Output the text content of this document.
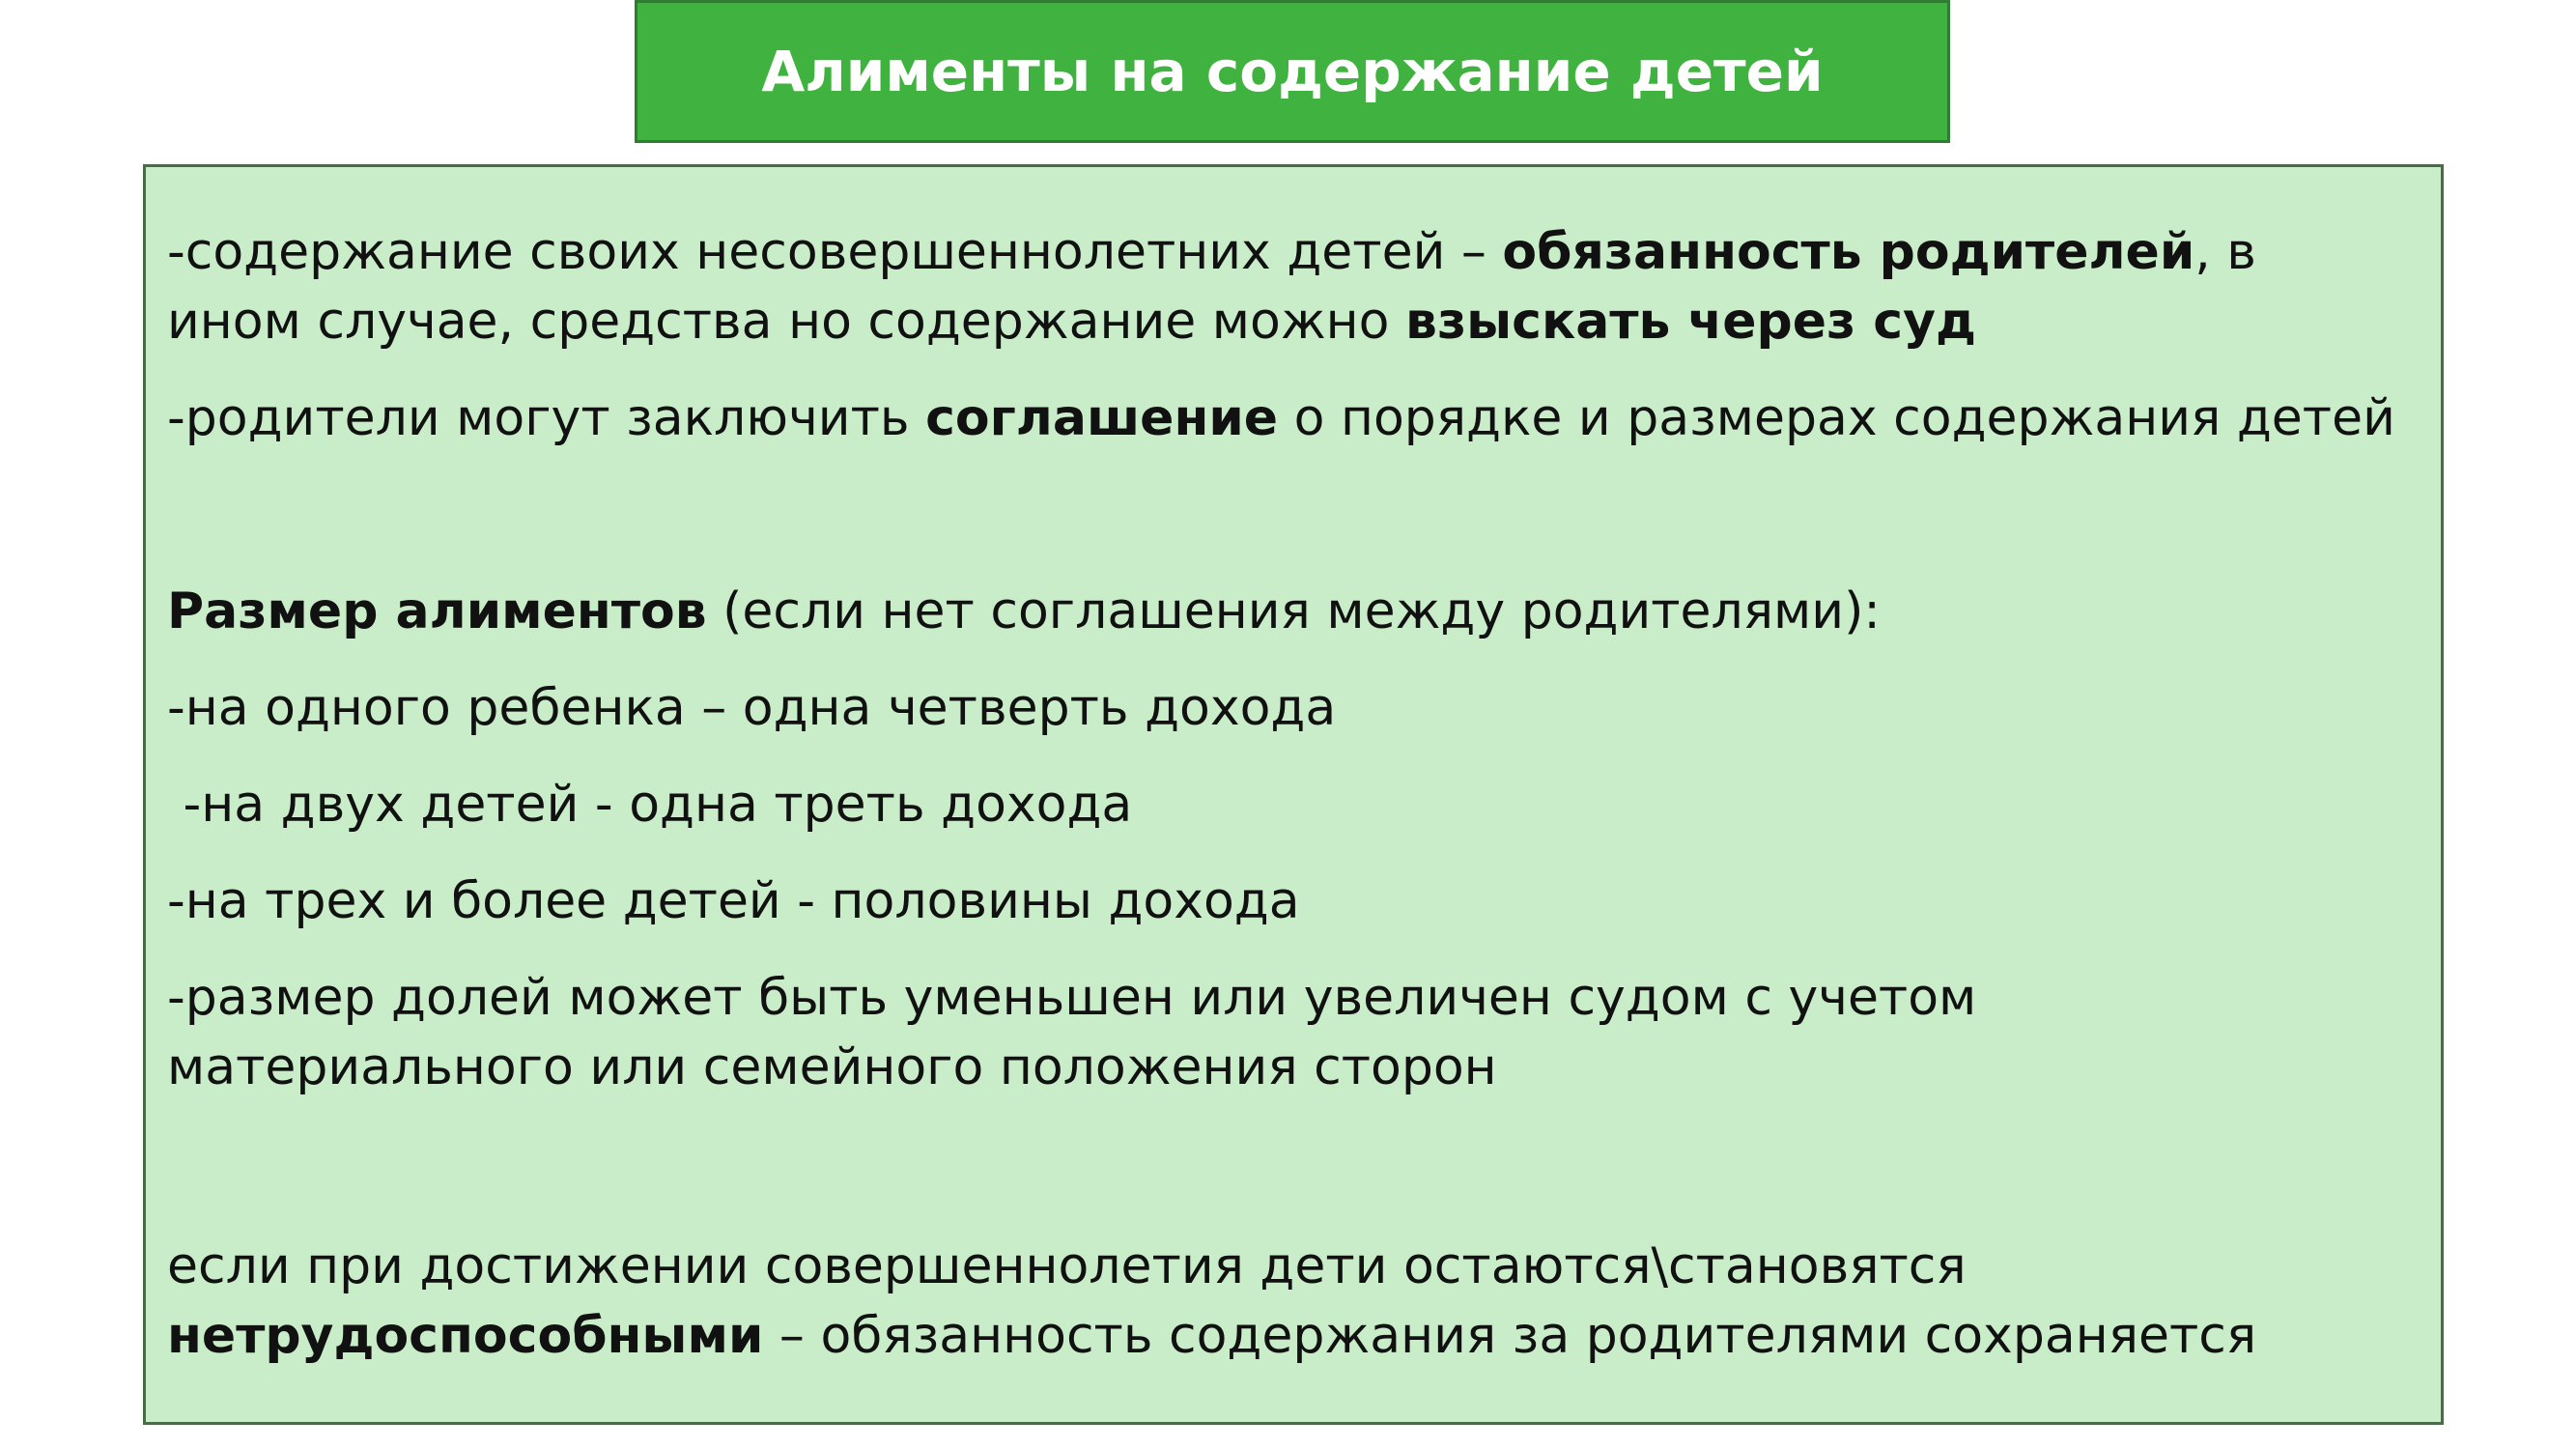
Алименты на содержание детей

-содержание своих несовершеннолетних детей – обязанность родителей, в
ином случае, средства но содержание можно взыскать через суд

-родители могут заключить соглашение о порядке и размерах содержания детей

Размер алиментов (если нет соглашения между родителями):

-на одного ребенка – одна четверть дохода

-на двух детей - одна треть дохода

-на трех и более детей - половины дохода

-размер долей может быть уменьшен или увеличен судом с учетом
материального или семейного положения сторон

если при достижении совершеннолетия дети остаются\становятся
нетрудоспособными – обязанность содержания за родителями сохраняется
